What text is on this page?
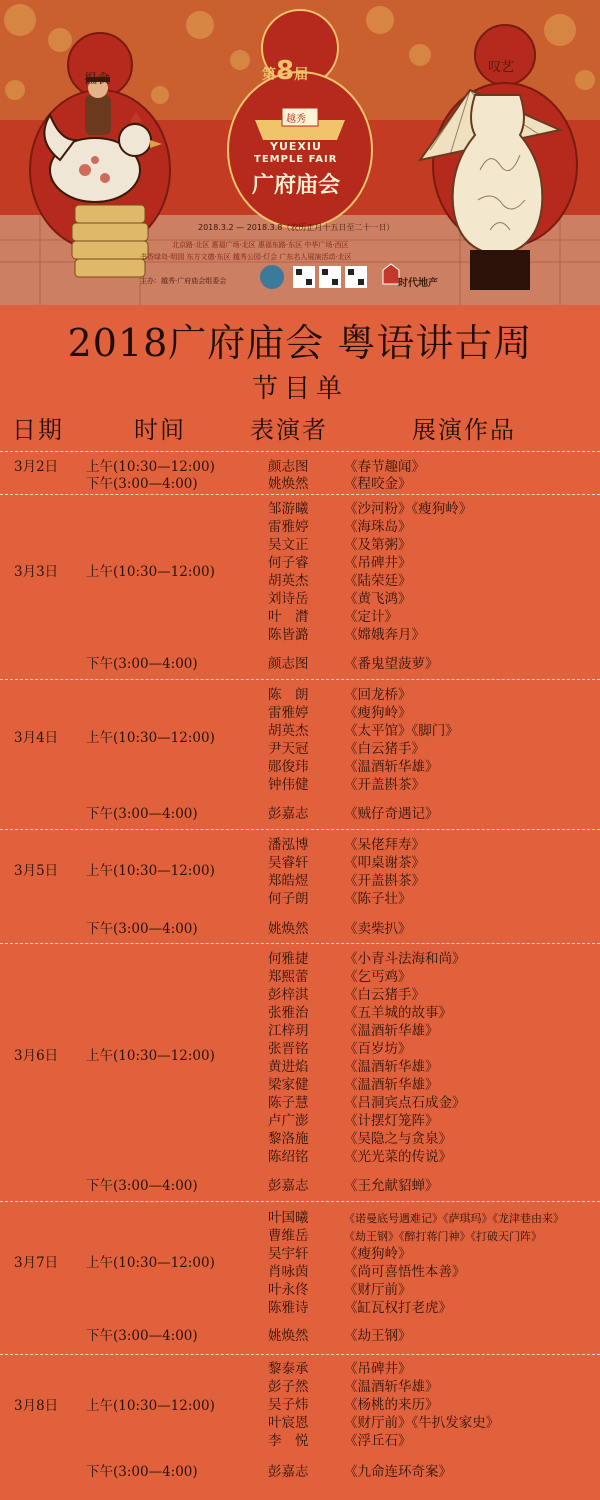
揾食
叹艺
第8届
越秀
YUEXIU
TEMPLE FAIR
广府庙会
2018.3.2 — 2018.3.8（农历正月十五日至二十一日）
北京路·北区 惠福广场·北区 惠福东路·东区 中华广场·西区
书香绿岛·明园 东方文德·东区 越秀公园·灯会 广东名人展演活动·北区
主办：越秀·广府庙会组委会	时代地产
2018广府庙会 粤语讲古周
节目单
日期	时间	表演者	展演作品
3月2日 上午(10:30—12:00)	颜志图	《春节趣闻》
下午(3:00—4:00)	姚焕然	《程咬金》
3月3日 上午(10:30—12:00)
邹游曦	《沙河粉》《瘦狗岭》
雷雅婷	《海珠岛》
吴文正	《及第粥》
何子睿	《吊碑井》
胡英杰	《陆荣廷》
刘诗岳	《黄飞鸿》
叶　潸	《定计》
陈皆潞	《嫦娥奔月》
下午(3:00—4:00)	颜志图	《番鬼望菠萝》
3月4日 上午(10:30—12:00)
陈　朗	《回龙桥》
雷雅婷	《瘦狗岭》
胡英杰	《太平馆》《脚门》
尹天冠	《白云猪手》
郧俊玮	《温酒斩华雄》
钟伟健	《开盖斟茶》
下午(3:00—4:00)	彭嘉志	《贼仔奇遇记》
3月5日 上午(10:30—12:00)
潘泓博	《呆佬拜寿》
吴睿轩	《叩桌谢茶》
郑皓煜	《开盖斟茶》
何子朗	《陈子壮》
下午(3:00—4:00)	姚焕然	《卖柴扒》
3月6日 上午(10:30—12:00)
何雅捷	《小青斗法海和尚》
郑熙蕾	《乞丐鸡》
彭梓淇	《白云猪手》
张雅治	《五羊城的故事》
江梓玥	《温酒斩华雄》
张晋铭	《百岁坊》
黄进焰	《温酒斩华雄》
梁家健	《温酒斩华雄》
陈子慧	《吕洞宾点石成金》
卢广澎	《计摆灯笼阵》
黎洛施	《吴隐之与贪泉》
陈绍铭	《光光菜的传说》
下午(3:00—4:00)	彭嘉志	《王允献貂蝉》
3月7日 上午(10:30—12:00)
叶国曦	《诺曼底号遇难记》《萨琪玛》《龙津巷由来》
曹维岳	《劫王钢》《醉打蒋门神》《打破天门阵》
吴宇轩	《瘦狗岭》
肖咏茵	《尚可喜悟性本善》
叶永佟	《财厅前》
陈雅诗	《缸瓦权打老虎》
下午(3:00—4:00)	姚焕然	《劫王钢》
3月8日 上午(10:30—12:00)
黎泰承	《吊碑井》
彭子然	《温酒斩华雄》
吴子炜	《杨桃的来历》
叶宸恩	《财厅前》《牛扒发家史》
李　悦	《浮丘石》
下午(3:00—4:00)	彭嘉志	《九命连环奇案》
